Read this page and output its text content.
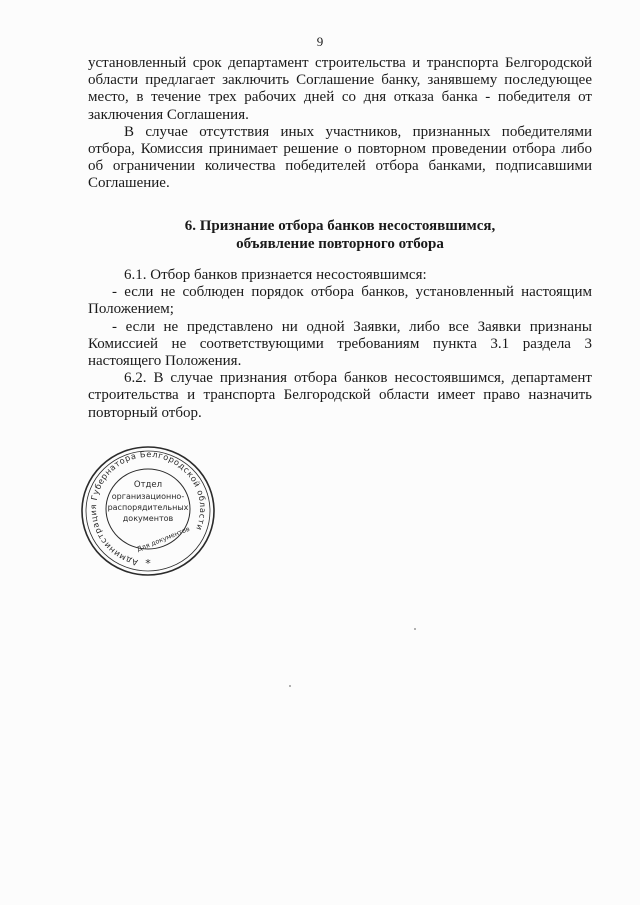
9

установленный срок департамент строительства и транспорта Белгородской области предлагает заключить Соглашение банку, занявшему последующее место, в течение трех рабочих дней со дня отказа банка - победителя от заключения Соглашения.

В случае отсутствия иных участников, признанных победителями отбора, Комиссия принимает решение о повторном проведении отбора либо об ограничении количества победителей отбора банками, подписавшими Соглашение.

6. Признание отбора банков несостоявшимся,
объявление повторного отбора

6.1. Отбор банков признается несостоявшимся:

- если не соблюден порядок отбора банков, установленный настоящим Положением;

- если не представлено ни одной Заявки, либо все Заявки признаны Комиссией не соответствующими требованиям пункта 3.1 раздела 3 настоящего Положения.

6.2. В случае признания отбора банков несостоявшимся, департамент строительства и транспорта Белгородской области имеет право назначить повторный отбор.

Администрация Губернатора Белгородской области
Отдел
организационно-
распорядительных
документов
Для документов
*
